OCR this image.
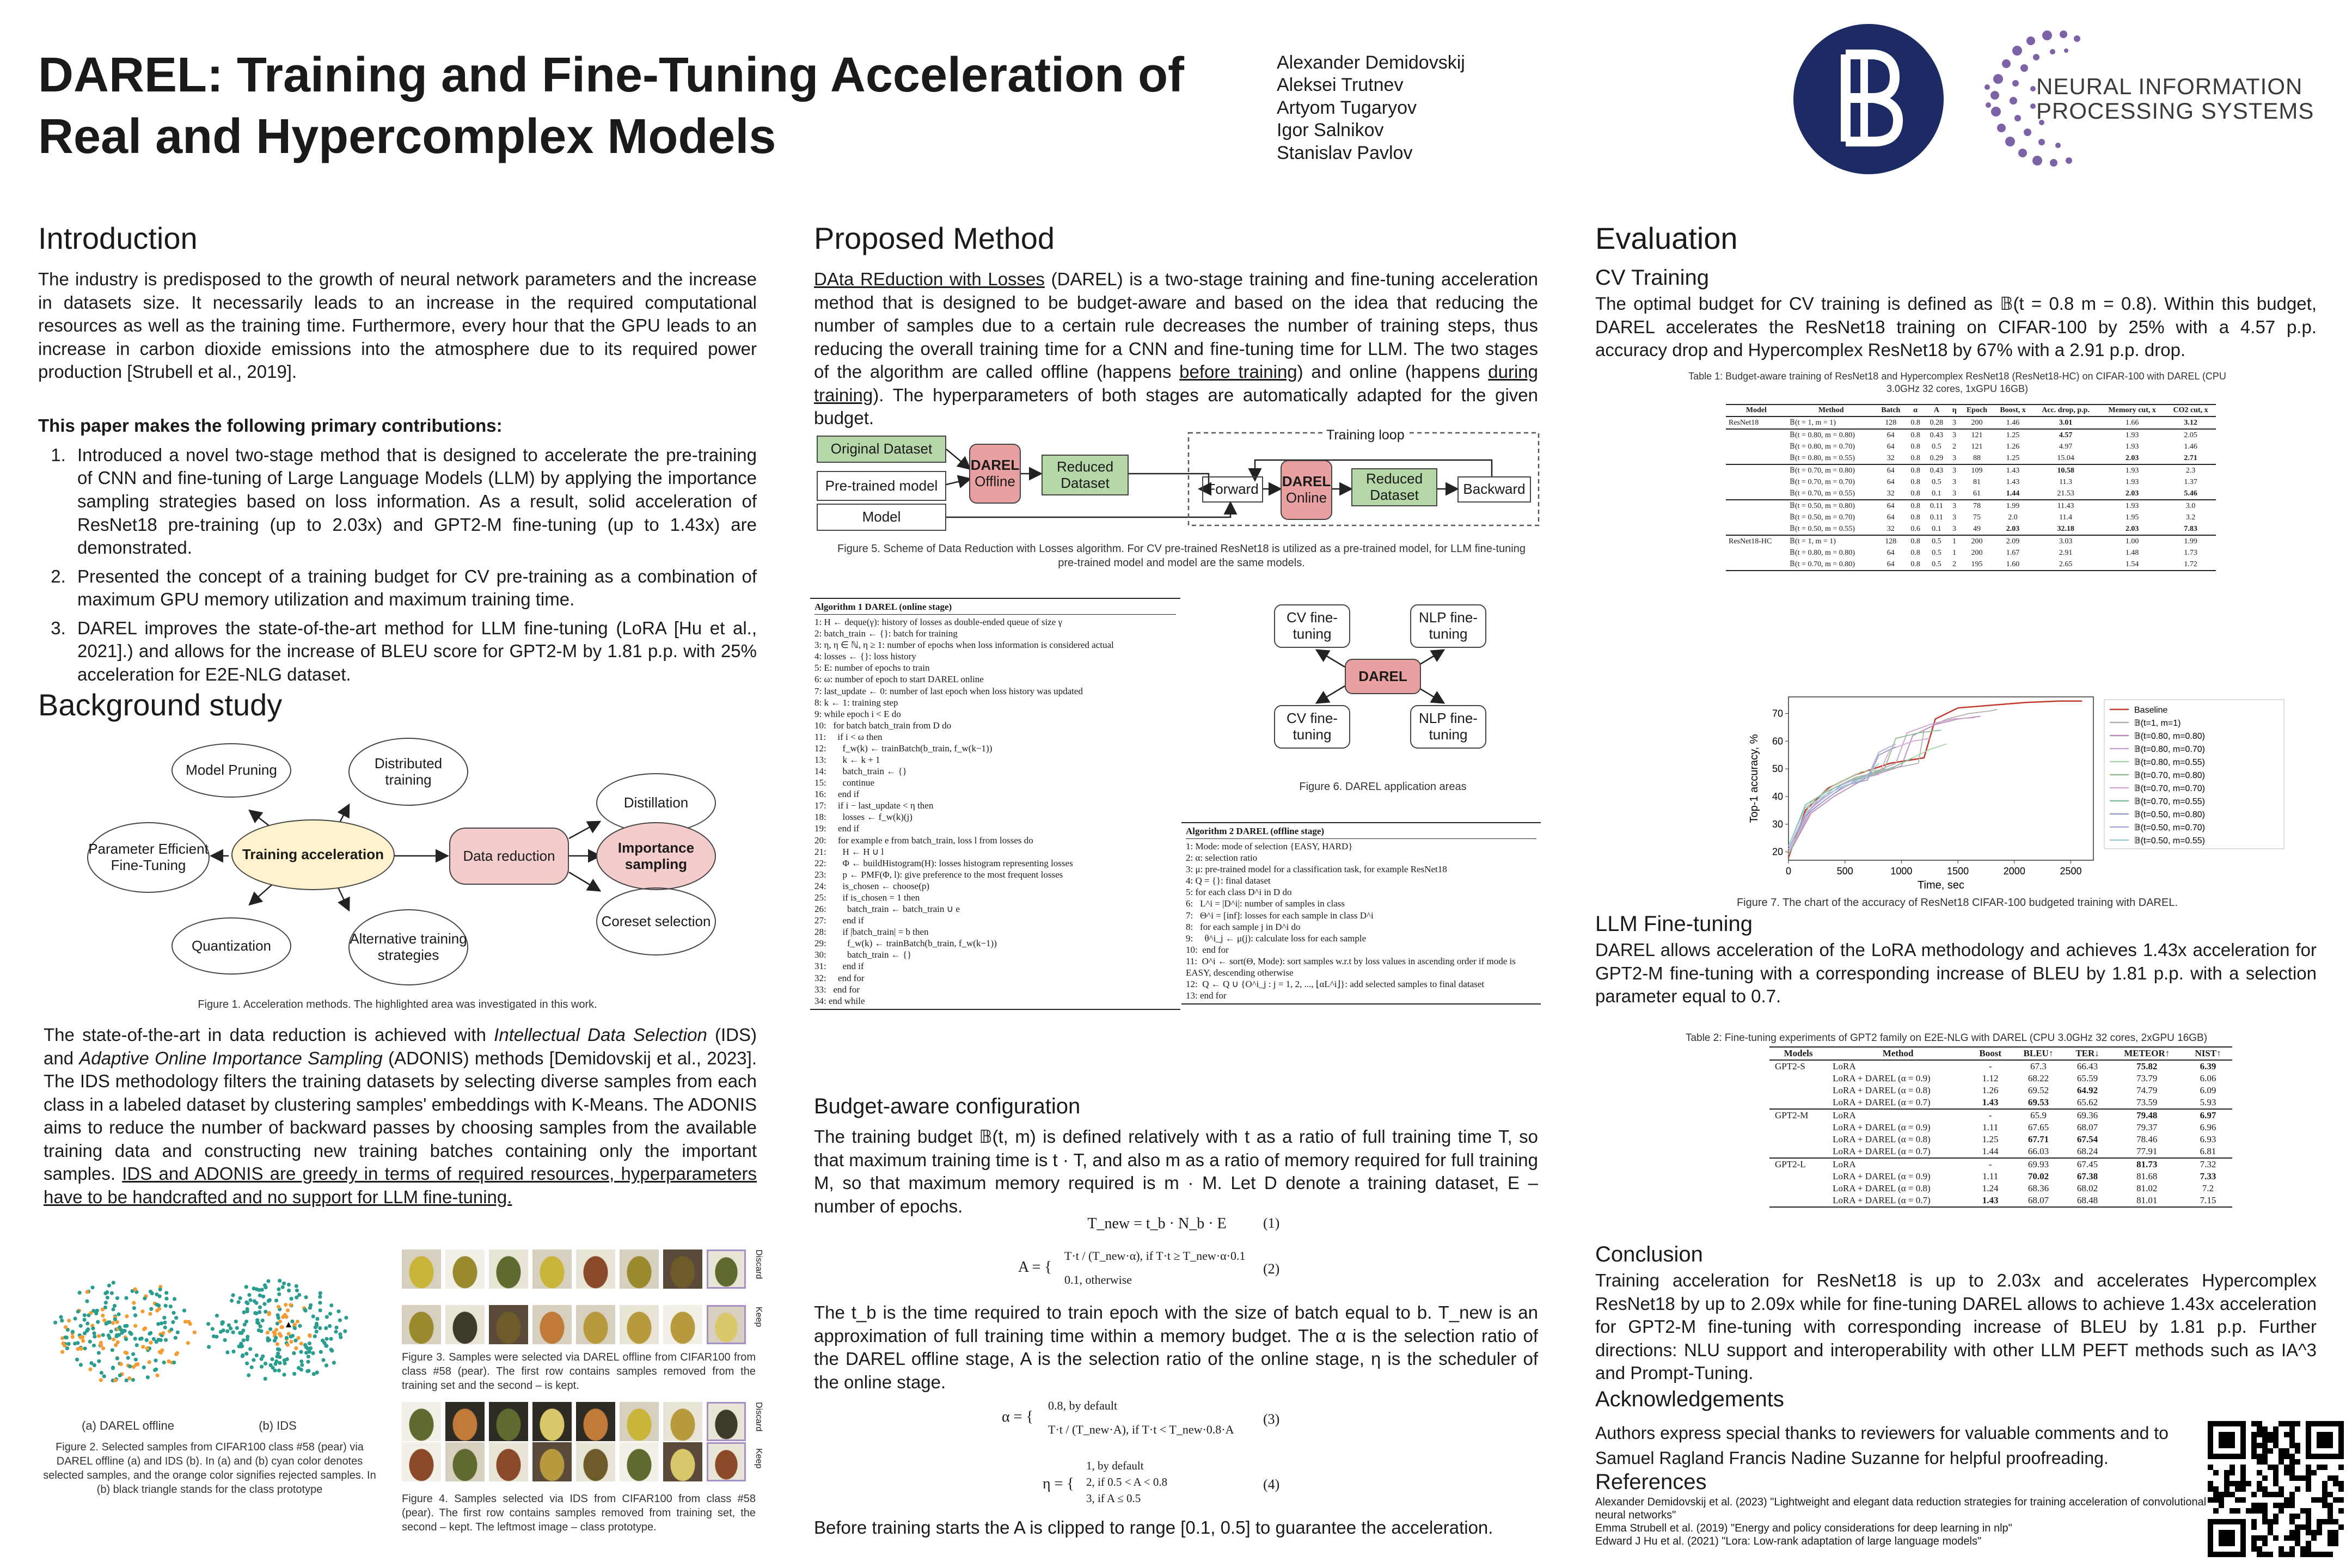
DAREL: Training and Fine-Tuning Acceleration of Real and Hypercomplex Models
Alexander Demidovskij
Aleksei Trutnev
Artyom Tugaryov
Igor Salnikov
Stanislav Pavlov
NEURAL INFORMATION
PROCESSING SYSTEMS
Introduction

The industry is predisposed to the growth of neural network parameters and the increase in datasets size. It necessarily leads to an increase in the required computational resources as well as the training time. Furthermore, every hour that the GPU leads to an increase in carbon dioxide emissions into the atmosphere due to its required power production [Strubell et al., 2019].

This paper makes the following primary contributions:

1. Introduced a novel two-stage method that is designed to accelerate the pre-training of CNN and fine-tuning of Large Language Models (LLM) by applying the importance sampling strategies based on loss information. As a result, solid acceleration of ResNet18 pre-training (up to 2.03x) and GPT2-M fine-tuning (up to 1.43x) are demonstrated.
2. Presented the concept of a training budget for CV pre-training as a combination of maximum GPU memory utilization and maximum training time.
3. DAREL improves the state-of-the-art method for LLM fine-tuning (LoRA [Hu et al., 2021].) and allows for the increase of BLEU score for GPT2-M by 1.81 p.p. with 25% acceleration for E2E-NLG dataset.
Background study
Model Pruning	Distributed training
Distillation
Parameter Efficient Fine-Tuning
Training acceleration	Data reduction	Importance sampling
Coreset selection
Quantization	Alternative training strategies
Figure 1. Acceleration methods. The highlighted area was investigated in this work.

The state-of-the-art in data reduction is achieved with Intellectual Data Selection (IDS) and Adaptive Online Importance Sampling (ADONIS) methods [Demidovskij et al., 2023]. The IDS methodology filters the training datasets by selecting diverse samples from each class in a labeled dataset by clustering samples' embeddings with K-Means. The ADONIS aims to reduce the number of backward passes by choosing samples from the available training data and constructing new training batches containing only the important samples. IDS and ADONIS are greedy in terms of required resources, hyperparameters have to be handcrafted and no support for LLM fine-tuning.

(a) DAREL offline	(b) IDS
Figure 2. Selected samples from CIFAR100 class #58 (pear) via DAREL offline (a) and IDS (b). In (a) and (b) cyan color denotes selected samples, and the orange color signifies rejected samples. In (b) black triangle stands for the class prototype
Discard
Keep
Figure 3. Samples were selected via DAREL offline from CIFAR100 from class #58 (pear). The first row contains samples removed from the training set and the second – is kept.
Discard
Keep
Figure 4. Samples selected via IDS from CIFAR100 from class #58 (pear). The first row contains samples removed from training set, the second – kept. The leftmost image – class prototype.
Proposed Method

DAta REduction with Losses (DAREL) is a two-stage training and fine-tuning acceleration method that is designed to be budget-aware and based on the idea that reducing the number of samples due to a certain rule decreases the number of training steps, thus reducing the overall training time for a CNN and fine-tuning time for LLM. The two stages of the algorithm are called offline (happens before training) and online (happens during training). The hyperparameters of both stages are automatically adapted for the given budget.

Original Dataset
Pre-trained model
Model
DAREL
Offline
Reduced Dataset
Training loop
Forward	DAREL
Online
Reduced Dataset	Backward
Figure 5. Scheme of Data Reduction with Losses algorithm. For CV pre-trained ResNet18 is utilized as a pre-trained model, for LLM fine-tuning pre-trained model and model are the same models.
Algorithm 1 DAREL (online stage)
1: H ← deque(γ): history of losses as double-ended queue of size γ
2: batch_train ← {}: batch for training
3: η, η ∈ ℕ, η ≥ 1: number of epochs when loss information is considered actual
4: losses ← {}: loss history
5: E: number of epochs to train
6: ω: number of epoch to start DAREL online
7: last_update ← 0: number of last epoch when loss history was updated
8: k ← 1: training step
9: while epoch i < E do
10:   for batch batch_train from D do
11:     if i < ω then
12:       f_w(k) ← trainBatch(b_train, f_w(k−1))
13:       k ← k + 1
14:       batch_train ← {}
15:       continue
16:     end if
17:     if i − last_update < η then
18:       losses ← f_w(k)(j)
19:     end if
20:     for example e from batch_train, loss l from losses do
21:       H ← H ∪ l
22:       Φ ← buildHistogram(H): losses histogram representing losses
23:       p ← PMF(Φ, l): give preference to the most frequent losses
24:       is_chosen ← choose(p)
25:       if is_chosen = 1 then
26:         batch_train ← batch_train ∪ e
27:       end if
28:       if |batch_train| = b then
29:         f_w(k) ← trainBatch(b_train, f_w(k−1))
30:         batch_train ← {}
31:       end if
32:     end for
33:   end for
34: end while
CV fine-tuning
NLP fine-tuning
DAREL
CV fine-tuning
NLP fine-tuning
Figure 6. DAREL application areas
Algorithm 2 DAREL (offline stage)
1: Mode: mode of selection {EASY, HARD}
2: α: selection ratio
3: μ: pre-trained model for a classification task, for example ResNet18
4: Q = {}: final dataset
5: for each class D^i in D do
6:   L^i = |D^i|: number of samples in class
7:   Θ^i = [inf]: losses for each sample in class D^i
8:   for each sample j in D^i do
9:     θ^i_j ← μ(j): calculate loss for each sample
10:  end for
11:  O^i ← sort(Θ, Mode): sort samples w.r.t by loss values in ascending order if mode is EASY, descending otherwise
12:  Q ← Q ∪ {O^i_j : j = 1, 2, ..., ⌊αL^i⌋}: add selected samples to final dataset
13: end for
Budget-aware configuration

The training budget 𝔹(t, m) is defined relatively with t as a ratio of full training time T, so that maximum training time is t · T, and also m as a ratio of memory required for full training M, so that maximum memory required is m · M. Let D denote a training dataset, E – number of epochs.

T_new = t_b · N_b · E	(1)
A = {
T·t / (T_new·α), if T·t ≥ T_new·α·0.1
0.1, otherwise
(2)

The t_b is the time required to train epoch with the size of batch equal to b. T_new is an approximation of full training time within a memory budget. The α is the selection ratio of the DAREL offline stage, A is the selection ratio of the online stage, η is the scheduler of the online stage.

α = {
0.8, by default
T·t / (T_new·A), if T·t < T_new·0.8·A
(3)
η = {
1, by default
2, if 0.5 < A < 0.8
3, if A ≤ 0.5
(4)

Before training starts the A is clipped to range [0.1, 0.5] to guarantee the acceleration.

Evaluation
CV Training

The optimal budget for CV training is defined as 𝔹(t = 0.8 m = 0.8). Within this budget, DAREL accelerates the ResNet18 training on CIFAR-100 by 25% with a 4.57 p.p. accuracy drop and Hypercomplex ResNet18 by 67% with a 2.91 p.p. drop.

Table 1: Budget-aware training of ResNet18 and Hypercomplex ResNet18 (ResNet18-HC) on CIFAR-100 with DAREL (CPU 3.0GHz 32 cores, 1xGPU 16GB)
Model	Method	Batch	α	A	η	Epoch	Boost, x	Acc. drop, p.p.	Memory cut, x	CO2 cut, x
ResNet18	𝔹(t = 1, m = 1)	128	0.8	0.28	3	200	1.46	3.01	1.66	3.12
	𝔹(t = 0.80, m = 0.80)	64	0.8	0.43	3	121	1.25	4.57	1.93	2.05
	𝔹(t = 0.80, m = 0.70)	64	0.8	0.5	2	121	1.26	4.97	1.93	1.46
	𝔹(t = 0.80, m = 0.55)	32	0.8	0.29	3	88	1.25	15.04	2.03	2.71
	𝔹(t = 0.70, m = 0.80)	64	0.8	0.43	3	109	1.43	10.58	1.93	2.3
	𝔹(t = 0.70, m = 0.70)	64	0.8	0.5	3	81	1.43	11.3	1.93	1.37
	𝔹(t = 0.70, m = 0.55)	32	0.8	0.1	3	61	1.44	21.53	2.03	5.46
	𝔹(t = 0.50, m = 0.80)	64	0.8	0.11	3	78	1.99	11.43	1.93	3.0
	𝔹(t = 0.50, m = 0.70)	64	0.8	0.11	3	75	2.0	11.4	1.95	3.2
	𝔹(t = 0.50, m = 0.55)	32	0.6	0.1	3	49	2.03	32.18	2.03	7.83
ResNet18-HC	𝔹(t = 1, m = 1)	128	0.8	0.5	1	200	2.09	3.03	1.00	1.99
	𝔹(t = 0.80, m = 0.80)	64	0.8	0.5	1	200	1.67	2.91	1.48	1.73
	𝔹(t = 0.70, m = 0.80)	64	0.8	0.5	2	195	1.60	2.65	1.54	1.72
0	500	1000	1500	2000	2500
20
30
40
50
60
70
Time, sec
Top-1 accuracy, %
Baseline
𝔹(t=1, m=1)
𝔹(t=0.80, m=0.80)
𝔹(t=0.80, m=0.70)
𝔹(t=0.80, m=0.55)
𝔹(t=0.70, m=0.80)
𝔹(t=0.70, m=0.70)
𝔹(t=0.70, m=0.55)
𝔹(t=0.50, m=0.80)
𝔹(t=0.50, m=0.70)
𝔹(t=0.50, m=0.55)
Figure 7. The chart of the accuracy of ResNet18 CIFAR-100 budgeted training with DAREL.
LLM Fine-tuning

DAREL allows acceleration of the LoRA methodology and achieves 1.43x acceleration for GPT2-M fine-tuning with a corresponding increase of BLEU by 1.81 p.p. with a selection parameter equal to 0.7.

Table 2: Fine-tuning experiments of GPT2 family on E2E-NLG with DAREL (CPU 3.0GHz 32 cores, 2xGPU 16GB)
Models	Method	Boost	BLEU↑	TER↓	METEOR↑	NIST↑
GPT2-S	LoRA	-	67.3	66.43	75.82	6.39
	LoRA + DAREL (α = 0.9)	1.12	68.22	65.59	73.79	6.06
	LoRA + DAREL (α = 0.8)	1.26	69.52	64.92	74.79	6.09
	LoRA + DAREL (α = 0.7)	1.43	69.53	65.62	73.59	5.93
GPT2-M	LoRA	-	65.9	69.36	79.48	6.97
	LoRA + DAREL (α = 0.9)	1.11	67.65	68.07	79.37	6.96
	LoRA + DAREL (α = 0.8)	1.25	67.71	67.54	78.46	6.93
	LoRA + DAREL (α = 0.7)	1.44	66.03	68.24	77.91	6.81
GPT2-L	LoRA	-	69.93	67.45	81.73	7.32
	LoRA + DAREL (α = 0.9)	1.11	70.02	67.38	81.68	7.33
	LoRA + DAREL (α = 0.8)	1.24	68.36	68.02	81.02	7.2
	LoRA + DAREL (α = 0.7)	1.43	68.07	68.48	81.01	7.15
Conclusion

Training acceleration for ResNet18 is up to 2.03x and accelerates Hypercomplex ResNet18 by up to 2.09x while for fine-tuning DAREL allows to achieve 1.43x acceleration for GPT2-M fine-tuning with corresponding increase of BLEU by 1.81 p.p. Further directions: NLU support and interoperability with other LLM PEFT methods such as IA^3 and Prompt-Tuning.

Acknowledgements

Authors express special thanks to reviewers for valuable comments and to Samuel Ragland Francis Nadine Suzanne for helpful proofreading.

References
Alexander Demidovskij et al. (2023) "Lightweight and elegant data reduction strategies for training acceleration of convolutional neural networks"
Emma Strubell et al. (2019) "Energy and policy considerations for deep learning in nlp"
Edward J Hu et al. (2021) "Lora: Low-rank adaptation of large language models"
